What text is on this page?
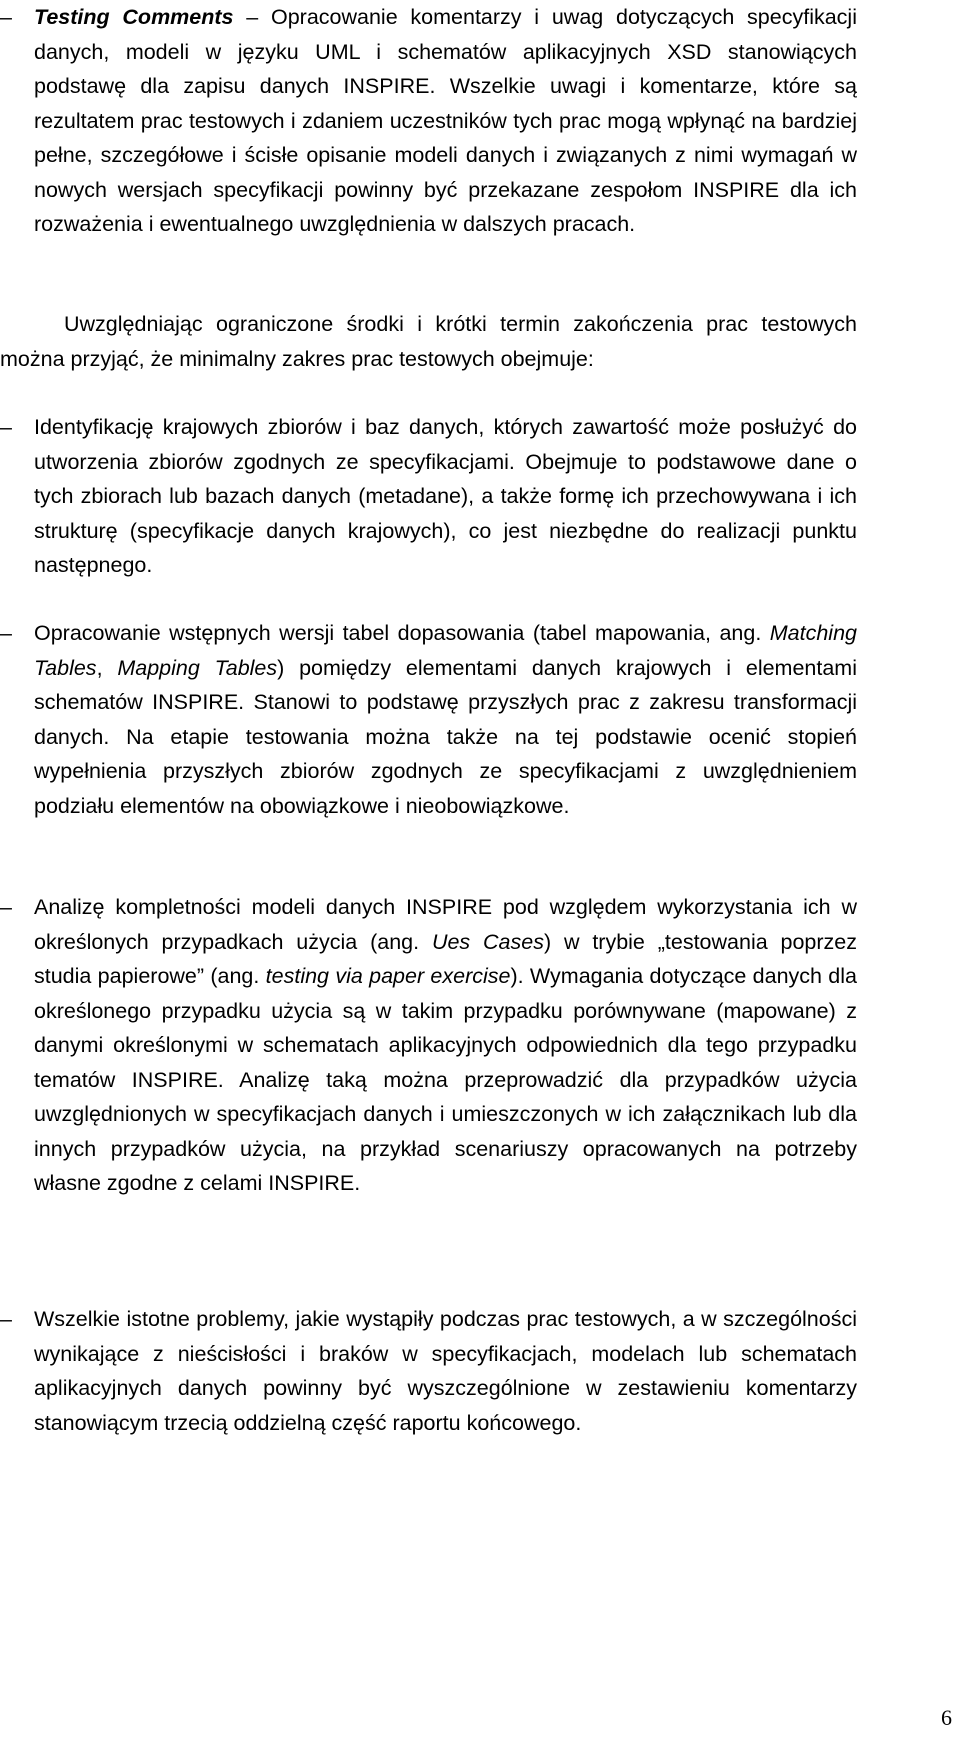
–	Testing Comments – Opracowanie komentarzy i uwag dotyczących specyfikacji danych, modeli w języku UML i schematów aplikacyjnych XSD stanowiących podstawę dla zapisu danych INSPIRE. Wszelkie uwagi i komentarze, które są rezultatem prac testowych i zdaniem uczestników tych prac mogą wpłynąć na bardziej pełne, szczegółowe i ścisłe opisanie modeli danych i związanych z nimi wymagań w nowych wersjach specyfikacji powinny być przekazane zespołom INSPIRE dla ich rozważenia i ewentualnego uwzględnienia w dalszych pracach.
Uwzględniając ograniczone środki i krótki termin zakończenia prac testowych można przyjąć, że minimalny zakres prac testowych obejmuje:
–	Identyfikację krajowych zbiorów i baz danych, których zawartość może posłużyć do utworzenia zbiorów zgodnych ze specyfikacjami. Obejmuje to podstawowe dane o tych zbiorach lub bazach danych (metadane), a także formę ich przechowywana i ich strukturę (specyfikacje danych krajowych), co jest niezbędne do realizacji punktu następnego.
–	Opracowanie wstępnych wersji tabel dopasowania (tabel mapowania, ang. Matching Tables, Mapping Tables) pomiędzy elementami danych krajowych i elementami schematów INSPIRE. Stanowi to podstawę przyszłych prac z zakresu transformacji danych. Na etapie testowania można także na tej podstawie ocenić stopień wypełnienia przyszłych zbiorów zgodnych ze specyfikacjami z uwzględnieniem podziału elementów na obowiązkowe i nieobowiązkowe.
–	Analizę kompletności modeli danych INSPIRE pod względem wykorzystania ich w określonych przypadkach użycia (ang. Ues Cases) w trybie „testowania poprzez studia papierowe” (ang. testing via paper exercise). Wymagania dotyczące danych dla określonego przypadku użycia są w takim przypadku porównywane (mapowane) z danymi określonymi w schematach aplikacyjnych odpowiednich dla tego przypadku tematów INSPIRE. Analizę taką można przeprowadzić dla przypadków użycia uwzględnionych w specyfikacjach danych i umieszczonych w ich załącznikach lub dla innych przypadków użycia, na przykład scenariuszy opracowanych na potrzeby własne zgodne z celami INSPIRE.
–	Wszelkie istotne problemy, jakie wystąpiły podczas prac testowych, a w szczególności wynikające z nieścisłości i braków w specyfikacjach, modelach lub schematach aplikacyjnych danych powinny być wyszczególnione w zestawieniu komentarzy stanowiącym trzecią oddzielną część raportu końcowego.
6
